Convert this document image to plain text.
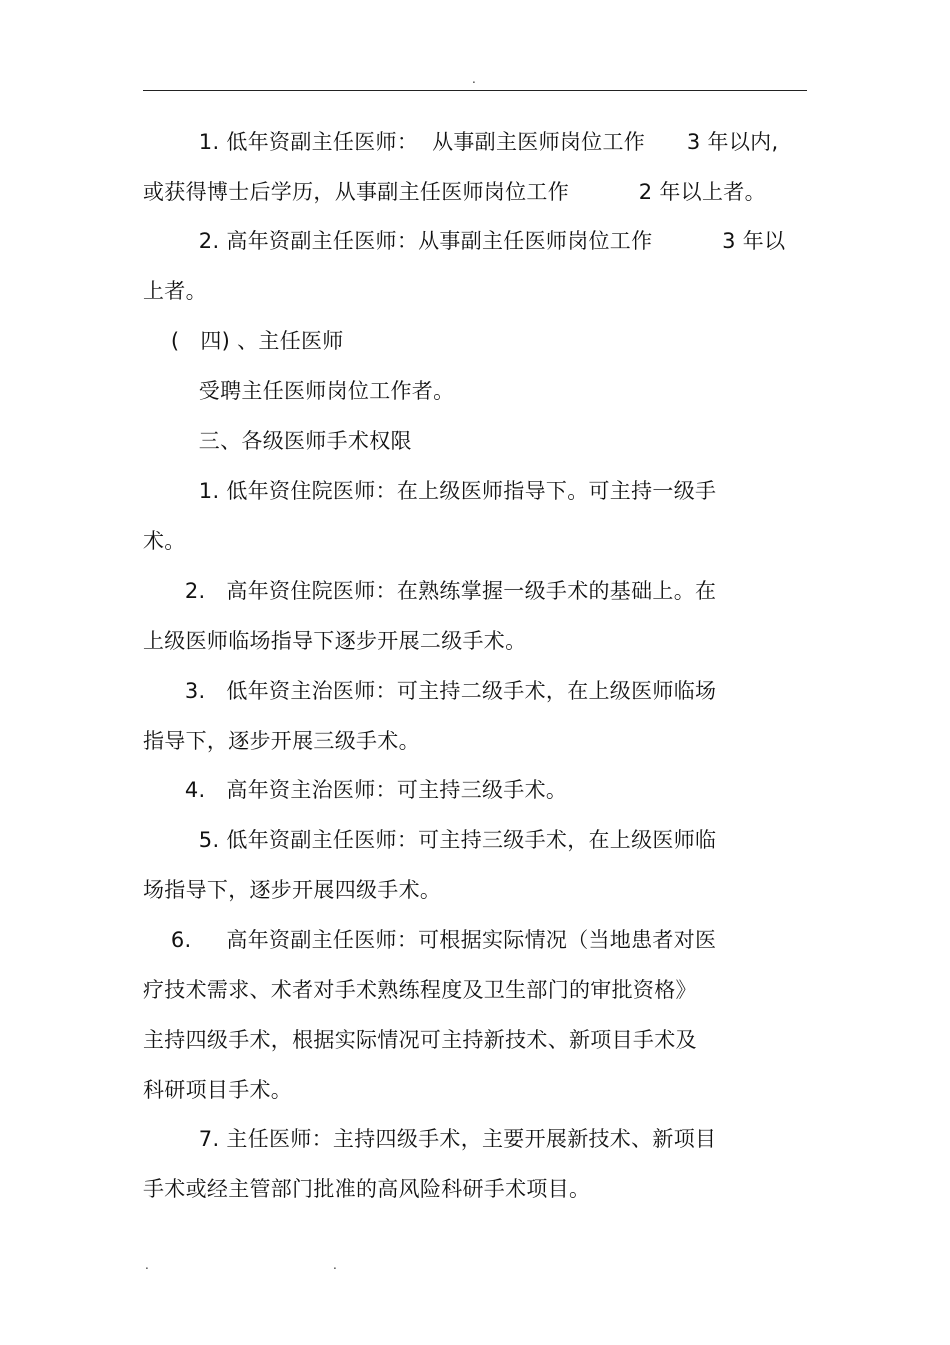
.
1. 低年资副主任医师：  从事副主医师岗位工作      3 年以内,
或获得博士后学历，从事副主任医师岗位工作          2 年以上者。
2. 高年资副主任医师：从事副主任医师岗位工作          3 年以
上者。
(   四) 、主任医师
受聘主任医师岗位工作者。
三、各级医师手术权限
1. 低年资住院医师：在上级医师指导下。可主持一级手
术。
2.   高年资住院医师：在熟练掌握一级手术的基础上。在
上级医师临场指导下逐步开展二级手术。
3.   低年资主治医师：可主持二级手术，在上级医师临场
指导下，逐步开展三级手术。
4.   高年资主治医师：可主持三级手术。
5. 低年资副主任医师：可主持三级手术，在上级医师临
场指导下，逐步开展四级手术。
6.     高年资副主任医师：可根据实际情况（当地患者对医
疗技术需求、术者对手术熟练程度及卫生部门的审批资格》
主持四级手术，根据实际情况可主持新技术、新项目手术及
科研项目手术。
7. 主任医师：主持四级手术，主要开展新技术、新项目
手术或经主管部门批准的高风险科研手术项目。
.	.
